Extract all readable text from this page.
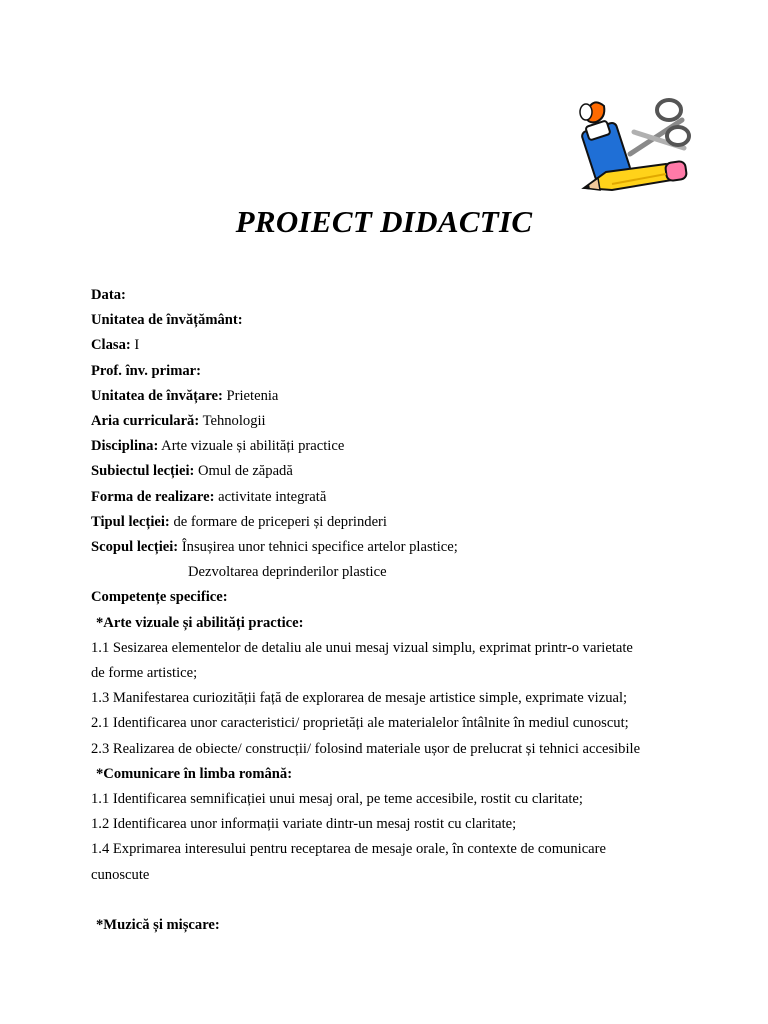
PROIECT DIDACTIC
Data:
Unitatea de învățământ:
Clasa: I
Prof. înv. primar:
Unitatea de învățare: Prietenia
Aria curriculară: Tehnologii
Disciplina: Arte vizuale și abilități practice
Subiectul lecției: Omul de zăpadă
Forma de realizare: activitate integrată
Tipul lecției: de formare de priceperi și deprinderi
Scopul lecției: Însușirea unor tehnici specifice artelor plastice;
Dezvoltarea deprinderilor plastice
Competențe specifice:
*Arte vizuale și abilități practice:
1.1 Sesizarea elementelor de detaliu ale unui mesaj vizual simplu, exprimat printr-o varietate
de forme artistice;
1.3 Manifestarea curiozității față de explorarea de mesaje artistice simple, exprimate vizual;
2.1 Identificarea unor caracteristici/ proprietăți ale materialelor întâlnite în mediul cunoscut;
2.3 Realizarea de obiecte/ construcții/ folosind materiale ușor de prelucrat și tehnici accesibile
*Comunicare în limba română:
1.1 Identificarea semnificației unui mesaj oral, pe teme accesibile, rostit cu claritate;
1.2 Identificarea unor informații variate dintr-un mesaj rostit cu claritate;
1.4 Exprimarea interesului pentru receptarea de mesaje orale, în contexte de comunicare
cunoscute
*Muzică și mișcare:
